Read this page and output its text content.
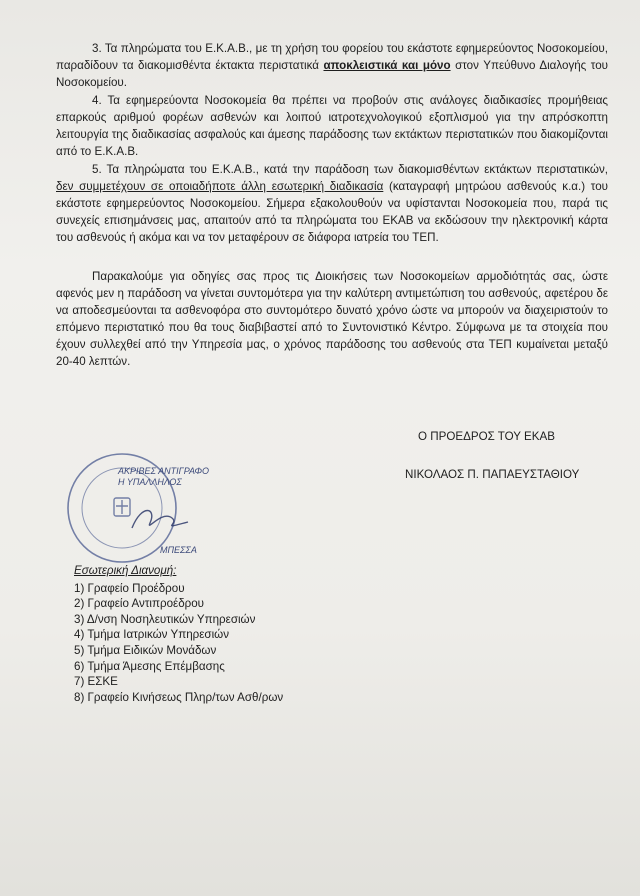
3. Τα πληρώματα του Ε.Κ.Α.Β., με τη χρήση του φορείου του εκάστοτε εφημερεύοντος Νοσοκομείου, παραδίδουν τα διακομισθέντα έκτακτα περιστατικά αποκλειστικά και μόνο στον Υπεύθυνο Διαλογής του Νοσοκομείου.

4. Τα εφημερεύοντα Νοσοκομεία θα πρέπει να προβούν στις ανάλογες διαδικασίες προμήθειας επαρκούς αριθμού φορέων ασθενών και λοιπού ιατροτεχνολογικού εξοπλισμού για την απρόσκοπτη λειτουργία της διαδικασίας ασφαλούς και άμεσης παράδοσης των εκτάκτων περιστατικών που διακομίζονται από το Ε.Κ.Α.Β.

5. Τα πληρώματα του Ε.Κ.Α.Β., κατά την παράδοση των διακομισθέντων εκτάκτων περιστατικών, δεν συμμετέχουν σε οποιαδήποτε άλλη εσωτερική διαδικασία (καταγραφή μητρώου ασθενούς κ.α.) του εκάστοτε εφημερεύοντος Νοσοκομείου. Σήμερα εξακολουθούν να υφίστανται Νοσοκομεία που, παρά τις συνεχείς επισημάνσεις μας, απαιτούν από τα πληρώματα του ΕΚΑΒ να εκδώσουν την ηλεκτρονική κάρτα του ασθενούς ή ακόμα και να τον μεταφέρουν σε διάφορα ιατρεία του ΤΕΠ.

Παρακαλούμε για οδηγίες σας προς τις Διοικήσεις των Νοσοκομείων αρμοδιότητάς σας, ώστε αφενός μεν η παράδοση να γίνεται συντομότερα για την καλύτερη αντιμετώπιση του ασθενούς, αφετέρου δε να αποδεσμεύονται τα ασθενοφόρα στο συντομότερο δυνατό χρόνο ώστε να μπορούν να διαχειριστούν το επόμενο περιστατικό που θα τους διαβιβαστεί από το Συντονιστικό Κέντρο. Σύμφωνα με τα στοιχεία που έχουν συλλεχθεί από την Υπηρεσία μας, ο χρόνος παράδοσης του ασθενούς στα ΤΕΠ κυμαίνεται μεταξύ 20-40 λεπτών.

Ο ΠΡΟΕΔΡΟΣ ΤΟΥ ΕΚΑΒ
ΝΙΚΟΛΑΟΣ Π. ΠΑΠΑΕΥΣΤΑΘΙΟΥ
ΑΚΡΙΒΕΣ ΑΝΤΙΓΡΑΦΟ
Η ΥΠΑΛΛΗΛΟΣ
ΜΠΕΣΣΑ
Εσωτερική Διανομή:
1) Γραφείο Προέδρου
2) Γραφείο Αντιπροέδρου
3) Δ/νση Νοσηλευτικών Υπηρεσιών
4) Τμήμα Ιατρικών Υπηρεσιών
5) Τμήμα Ειδικών Μονάδων
6) Τμήμα Άμεσης Επέμβασης
7) ΕΣΚΕ
8) Γραφείο Κινήσεως Πληρ/των Ασθ/ρων
